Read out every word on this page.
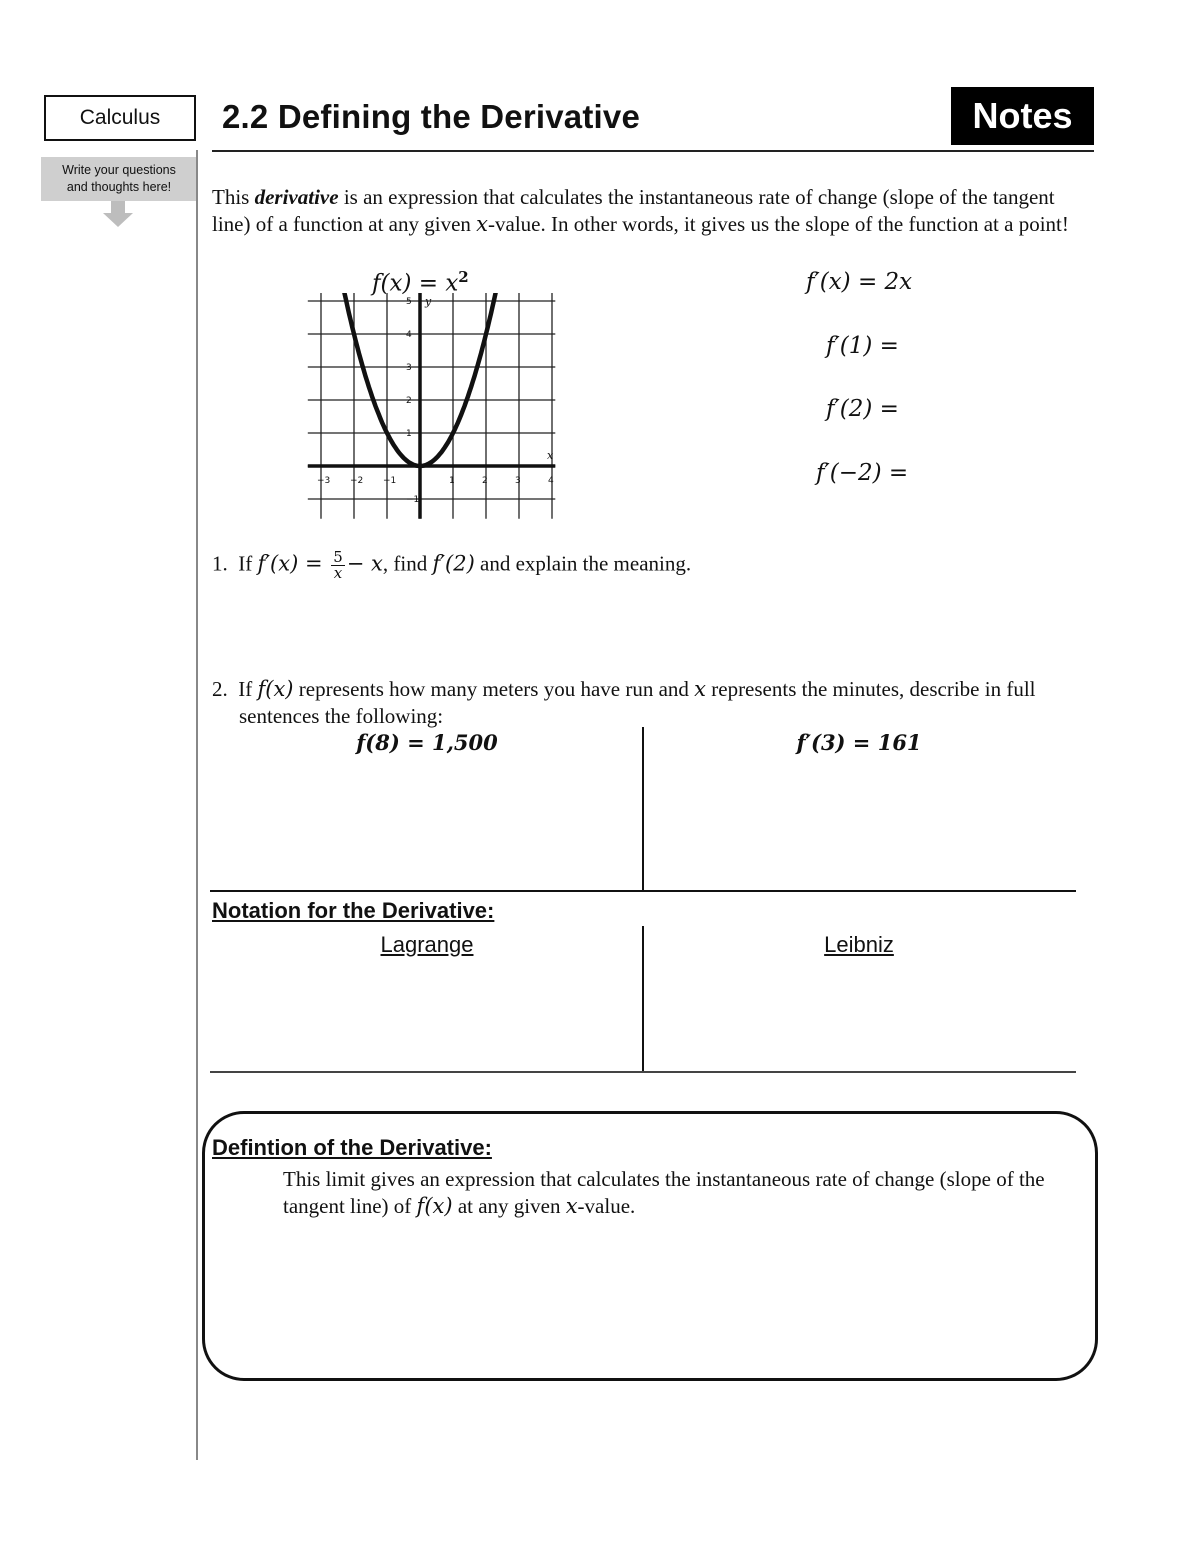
Calculus
Write your questions and thoughts here!
2.2 Defining the Derivative	Notes
This derivative is an expression that calculates the instantaneous rate of change (slope of the tangent line) of a function at any given x-value. In other words, it gives us the slope of the function at a point!
$f(x) = x^2$
−3 −2 −1	1	2	3	4
5
4
3
2
1
−1
x
y
f′(x) = 2x
f′(1) =
f′(2) =
f′(−2) =
1. If $f'(x) = \frac{5}{x} - x$, find f′(2) and explain the meaning.
2. If f(x) represents how many meters you have run and x represents the minutes, describe in full sentences the following:
f(8) = 1,500	f′(3) = 161
Notation for the Derivative:
Lagrange	Leibniz
Defintion of the Derivative:
This limit gives an expression that calculates the instantaneous rate of change (slope of the tangent line) of f(x) at any given x-value.
